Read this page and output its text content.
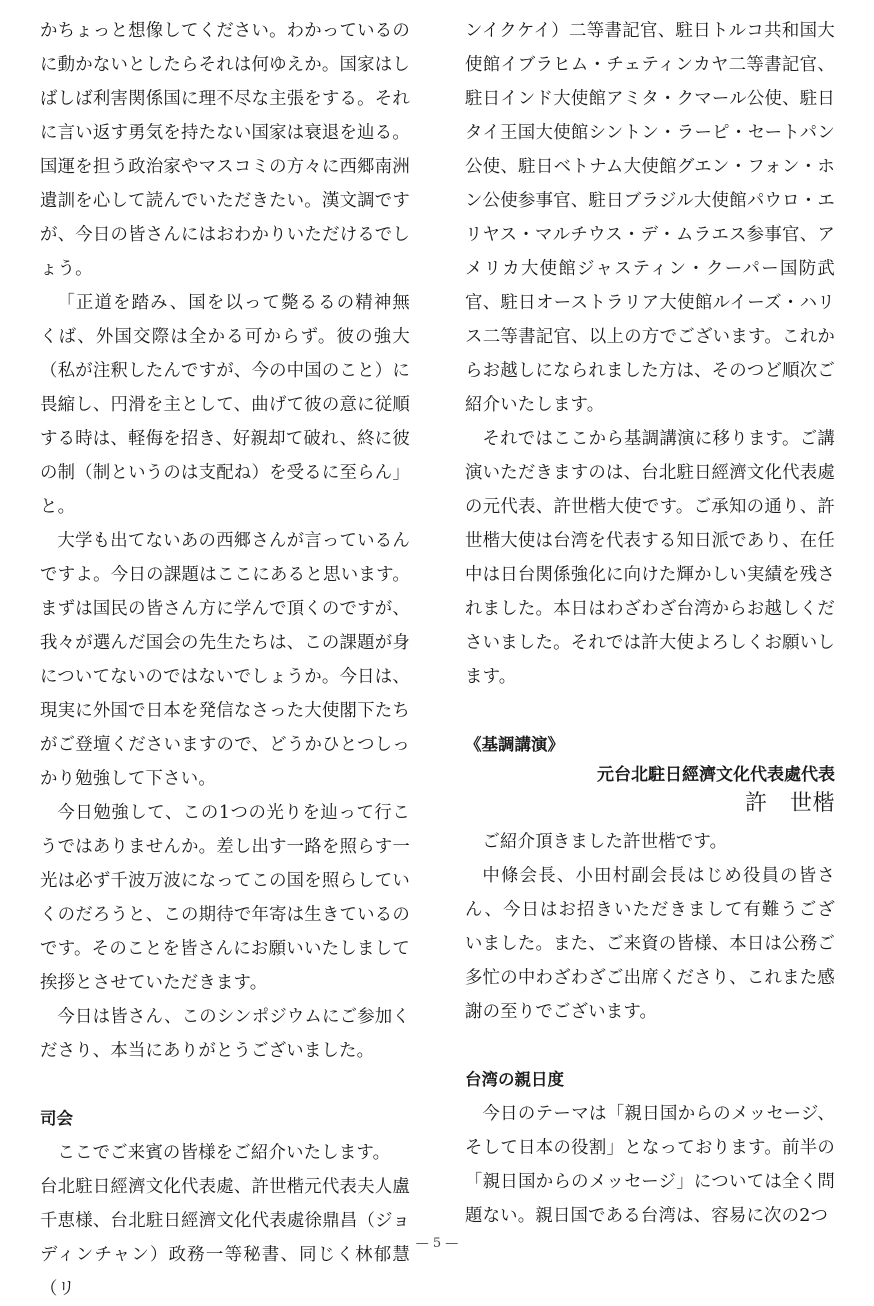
かちょっと想像してください。わかっているのに動かないとしたらそれは何ゆえか。国家はしばしば利害関係国に理不尽な主張をする。それに言い返す勇気を持たない国家は衰退を辿る。国運を担う政治家やマスコミの方々に西郷南洲遺訓を心して読んでいただきたい。漢文調ですが、今日の皆さんにはおわかりいただけるでしょう。

「正道を踏み、国を以って斃るるの精神無くば、外国交際は全かる可からず。彼の強大（私が注釈したんですが、今の中国のこと）に畏縮し、円滑を主として、曲げて彼の意に従順する時は、軽侮を招き、好親却て破れ、終に彼の制（制というのは支配ね）を受るに至らん」と。

大学も出てないあの西郷さんが言っているんですよ。今日の課題はここにあると思います。まずは国民の皆さん方に学んで頂くのですが、我々が選んだ国会の先生たちは、この課題が身についてないのではないでしょうか。今日は、現実に外国で日本を発信なさった大使閣下たちがご登壇くださいますので、どうかひとつしっかり勉強して下さい。

今日勉強して、この1つの光りを辿って行こうではありませんか。差し出す一路を照らす一光は必ず千波万波になってこの国を照らしていくのだろうと、この期待で年寄は生きているのです。そのことを皆さんにお願いいたしまして挨拶とさせていただきます。

今日は皆さん、このシンポジウムにご参加くださり、本当にありがとうございました。

司会

ここでご来賓の皆様をご紹介いたします。

台北駐日經濟文化代表處、許世楷元代表夫人盧千恵様、台北駐日經濟文化代表處徐鼎昌（ジョディンチャン）政務一等秘書、同じく林郁慧（リ

ンイクケイ）二等書記官、駐日トルコ共和国大使館イブラヒム・チェティンカヤ二等書記官、駐日インド大使館アミタ・クマール公使、駐日タイ王国大使館シントン・ラーピ・セートパン公使、駐日ベトナム大使館グエン・フォン・ホン公使参事官、駐日ブラジル大使館パウロ・エリヤス・マルチウス・デ・ムラエス参事官、アメリカ大使館ジャスティン・クーパー国防武官、駐日オーストラリア大使館ルイーズ・ハリス二等書記官、以上の方でございます。これからお越しになられました方は、そのつど順次ご紹介いたします。

それではここから基調講演に移ります。ご講演いただきますのは、台北駐日經濟文化代表處の元代表、許世楷大使です。ご承知の通り、許世楷大使は台湾を代表する知日派であり、在任中は日台関係強化に向けた輝かしい実績を残されました。本日はわざわざ台湾からお越しくださいました。それでは許大使よろしくお願いします。

《基調講演》
元台北駐日經濟文化代表處代表
許　世楷

ご紹介頂きました許世楷です。

中條会長、小田村副会長はじめ役員の皆さん、今日はお招きいただきまして有難うございました。また、ご来資の皆様、本日は公務ご多忙の中わざわざご出席くださり、これまた感謝の至りでございます。

台湾の親日度

今日のテーマは「親日国からのメッセージ、そして日本の役割」となっております。前半の「親日国からのメッセージ」については全く問題ない。親日国である台湾は、容易に次の2つ

— 5 —
